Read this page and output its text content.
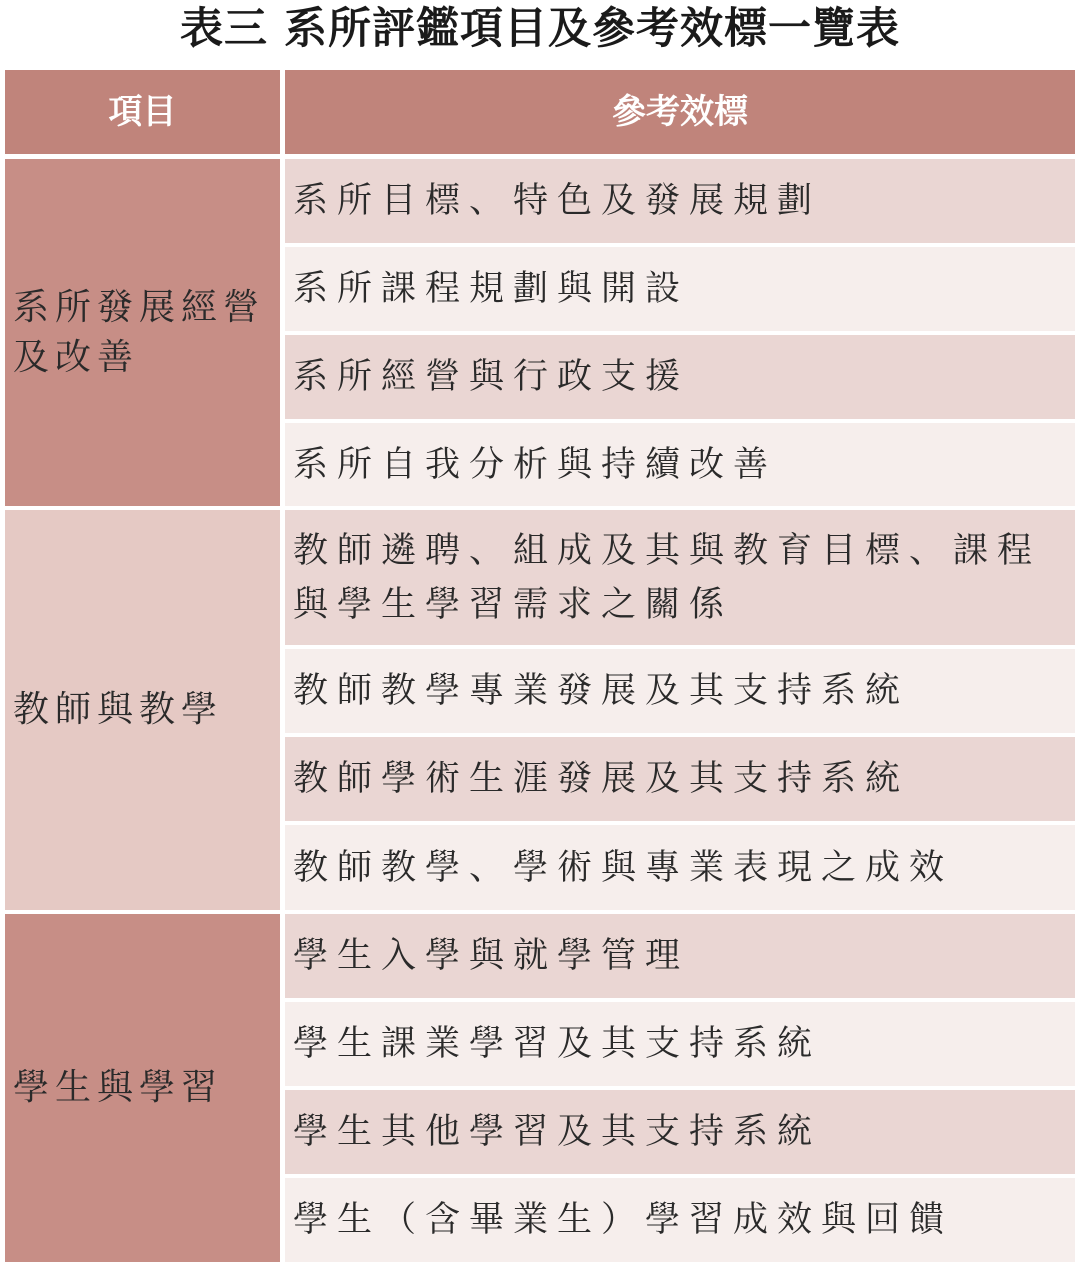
表三 系所評鑑項目及參考效標一覽表
項目	參考效標
系所發展經營及改善
系所目標、特色及發展規劃
系所課程規劃與開設
系所經營與行政支援
系所自我分析與持續改善
教師與教學
教師遴聘、組成及其與教育目標、課程與學生學習需求之關係
教師教學專業發展及其支持系統
教師學術生涯發展及其支持系統
教師教學、學術與專業表現之成效
學生與學習
學生入學與就學管理
學生課業學習及其支持系統
學生其他學習及其支持系統
學生（含畢業生）學習成效與回饋
